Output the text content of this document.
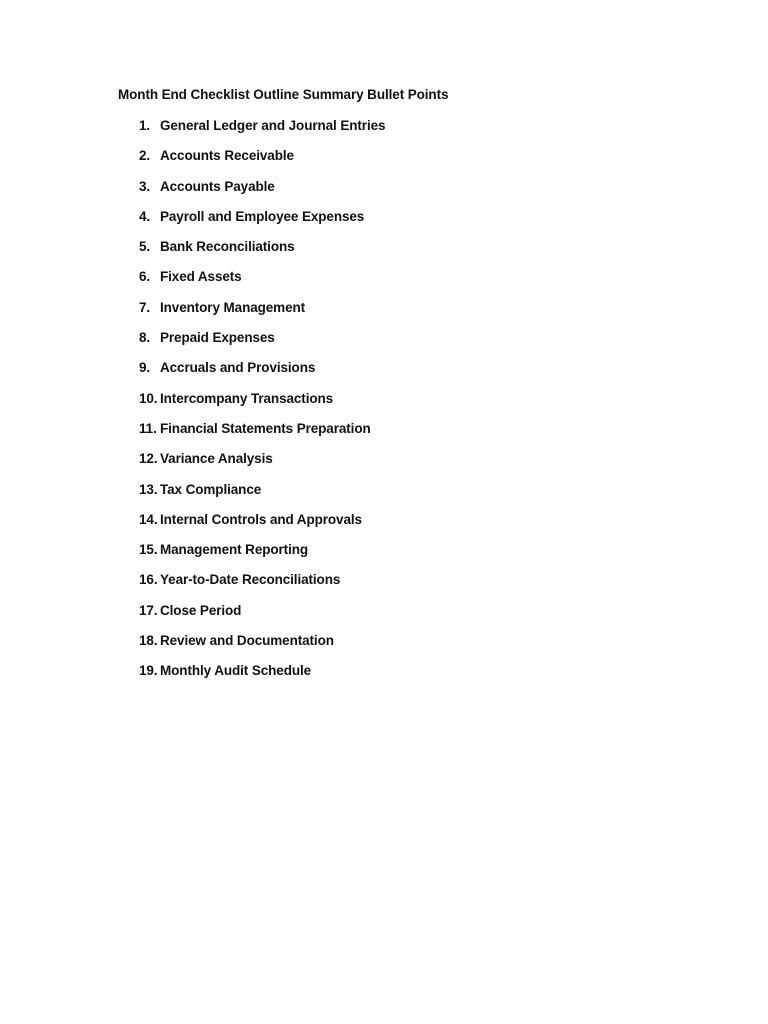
Month End Checklist Outline Summary Bullet Points
1. General Ledger and Journal Entries
2. Accounts Receivable
3. Accounts Payable
4. Payroll and Employee Expenses
5. Bank Reconciliations
6. Fixed Assets
7. Inventory Management
8. Prepaid Expenses
9. Accruals and Provisions
10. Intercompany Transactions
11. Financial Statements Preparation
12. Variance Analysis
13. Tax Compliance
14. Internal Controls and Approvals
15. Management Reporting
16. Year-to-Date Reconciliations
17. Close Period
18. Review and Documentation
19. Monthly Audit Schedule
